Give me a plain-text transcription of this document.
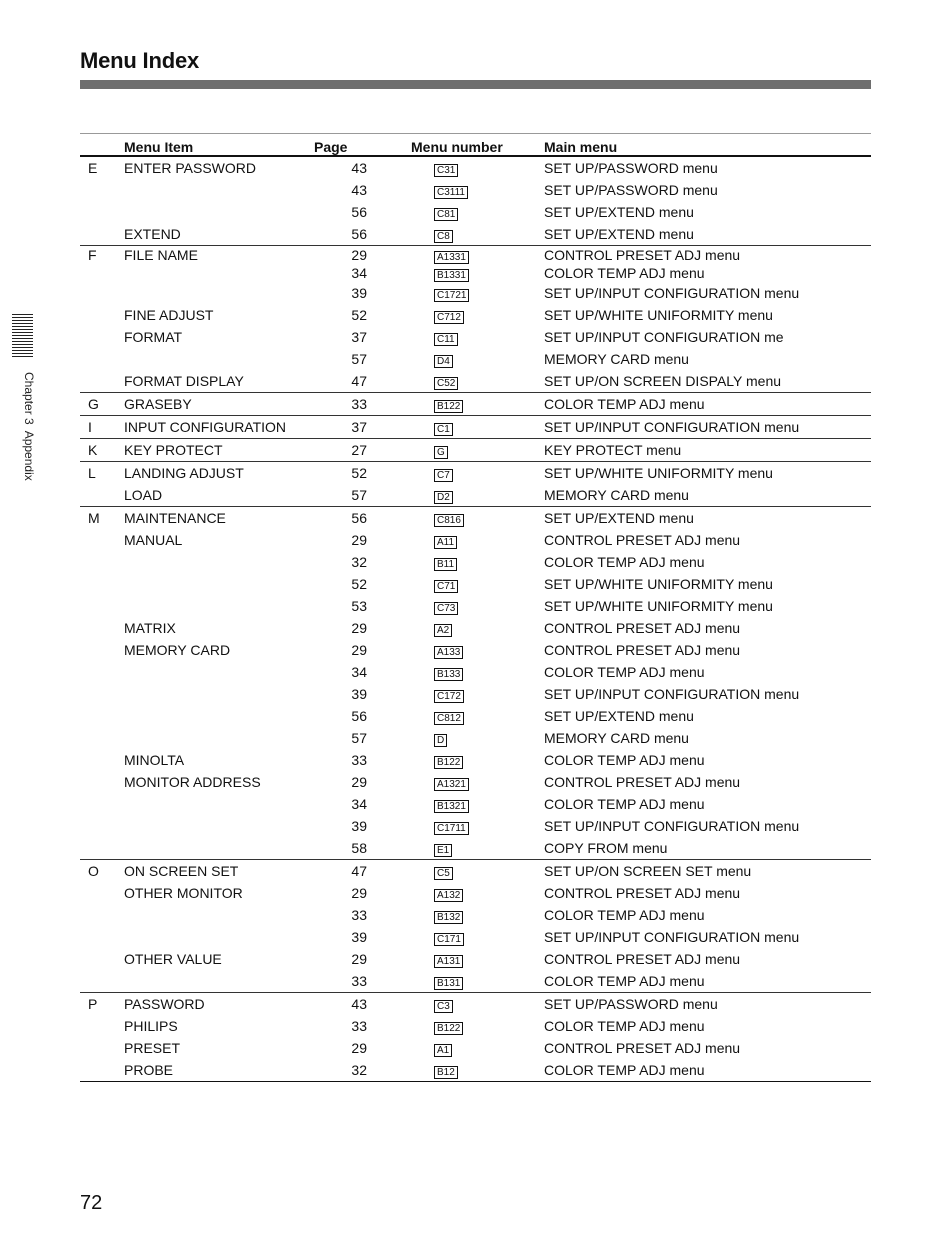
Menu Index
Chapter 3  Appendix
	Menu Item	Page	Menu number	Main menu
E	ENTER PASSWORD	43	C31	SET UP/PASSWORD menu
		43	C3111	SET UP/PASSWORD menu
		56	C81	SET UP/EXTEND menu
	EXTEND	56	C8	SET UP/EXTEND menu
F	FILE NAME	29	A1331	CONTROL PRESET ADJ menu
		34	B1331	COLOR TEMP ADJ menu
		39	C1721	SET UP/INPUT CONFIGURATION menu
	FINE ADJUST	52	C712	SET UP/WHITE UNIFORMITY menu
	FORMAT	37	C11	SET UP/INPUT CONFIGURATION me
		57	D4	MEMORY CARD menu
	FORMAT DISPLAY	47	C52	SET UP/ON SCREEN DISPALY menu
G	GRASEBY	33	B122	COLOR TEMP ADJ menu
I	INPUT CONFIGURATION	37	C1	SET UP/INPUT CONFIGURATION menu
K	KEY PROTECT	27	G	KEY PROTECT menu
L	LANDING ADJUST	52	C7	SET UP/WHITE UNIFORMITY menu
	LOAD	57	D2	MEMORY CARD menu
M	MAINTENANCE	56	C816	SET UP/EXTEND menu
	MANUAL	29	A11	CONTROL PRESET ADJ menu
		32	B11	COLOR TEMP ADJ menu
		52	C71	SET UP/WHITE UNIFORMITY menu
		53	C73	SET UP/WHITE UNIFORMITY menu
	MATRIX	29	A2	CONTROL PRESET ADJ menu
	MEMORY CARD	29	A133	CONTROL PRESET ADJ menu
		34	B133	COLOR TEMP ADJ menu
		39	C172	SET UP/INPUT CONFIGURATION menu
		56	C812	SET UP/EXTEND menu
		57	D	MEMORY CARD menu
	MINOLTA	33	B122	COLOR TEMP ADJ menu
	MONITOR ADDRESS	29	A1321	CONTROL PRESET ADJ menu
		34	B1321	COLOR TEMP ADJ menu
		39	C1711	SET UP/INPUT CONFIGURATION menu
		58	E1	COPY FROM menu
O	ON SCREEN SET	47	C5	SET UP/ON SCREEN SET menu
	OTHER MONITOR	29	A132	CONTROL PRESET ADJ menu
		33	B132	COLOR TEMP ADJ menu
		39	C171	SET UP/INPUT CONFIGURATION menu
	OTHER VALUE	29	A131	CONTROL PRESET ADJ menu
		33	B131	COLOR TEMP ADJ menu
P	PASSWORD	43	C3	SET UP/PASSWORD menu
	PHILIPS	33	B122	COLOR TEMP ADJ menu
	PRESET	29	A1	CONTROL PRESET ADJ menu
	PROBE	32	B12	COLOR TEMP ADJ menu
72
